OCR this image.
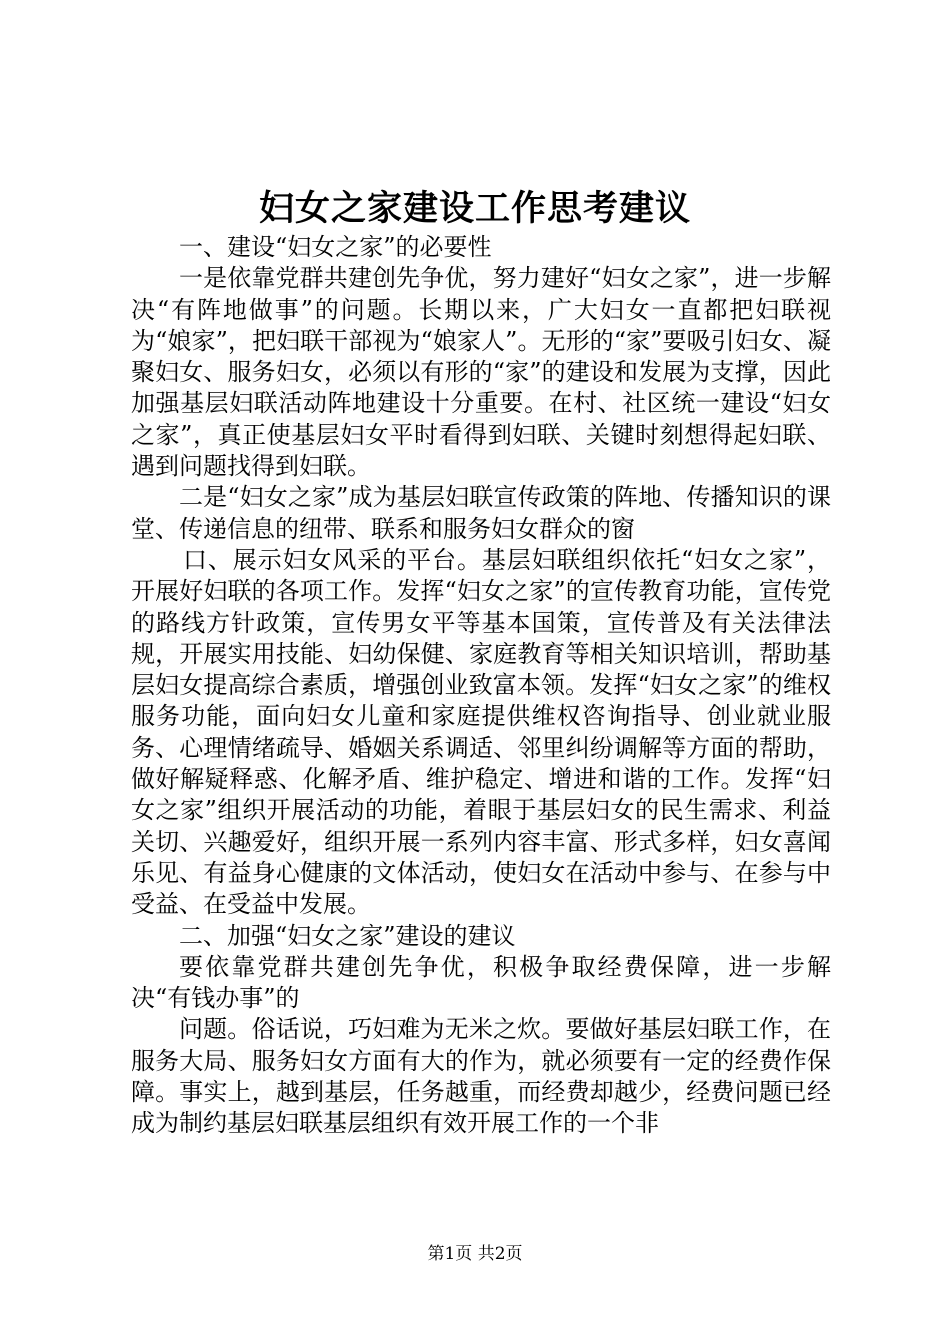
妇女之家建设工作思考建议

一、建设“妇女之家”的必要性

一是依靠党群共建创先争优，努力建好“妇女之家”，进一步解决“有阵地做事”的问题。长期以来，广大妇女一直都把妇联视为“娘家”，把妇联干部视为“娘家人”。无形的“家”要吸引妇女、凝聚妇女、服务妇女，必须以有形的“家”的建设和发展为支撑，因此加强基层妇联活动阵地建设十分重要。在村、社区统一建设“妇女之家”，真正使基层妇女平时看得到妇联、关键时刻想得起妇联、遇到问题找得到妇联。

二是“妇女之家”成为基层妇联宣传政策的阵地、传播知识的课堂、传递信息的纽带、联系和服务妇女群众的窗

口、展示妇女风采的平台。基层妇联组织依托“妇女之家”，开展好妇联的各项工作。发挥“妇女之家”的宣传教育功能，宣传党的路线方针政策，宣传男女平等基本国策，宣传普及有关法律法规，开展实用技能、妇幼保健、家庭教育等相关知识培训，帮助基层妇女提高综合素质，增强创业致富本领。发挥“妇女之家”的维权服务功能，面向妇女儿童和家庭提供维权咨询指导、创业就业服务、心理情绪疏导、婚姻关系调适、邻里纠纷调解等方面的帮助，做好解疑释惑、化解矛盾、维护稳定、增进和谐的工作。发挥“妇女之家”组织开展活动的功能，着眼于基层妇女的民生需求、利益关切、兴趣爱好，组织开展一系列内容丰富、形式多样，妇女喜闻乐见、有益身心健康的文体活动，使妇女在活动中参与、在参与中受益、在受益中发展。

二、加强“妇女之家”建设的建议

要依靠党群共建创先争优，积极争取经费保障，进一步解决“有钱办事”的

问题。俗话说，巧妇难为无米之炊。要做好基层妇联工作，在服务大局、服务妇女方面有大的作为，就必须要有一定的经费作保障。事实上，越到基层，任务越重，而经费却越少，经费问题已经成为制约基层妇联基层组织有效开展工作的一个非

第1页 共2页
